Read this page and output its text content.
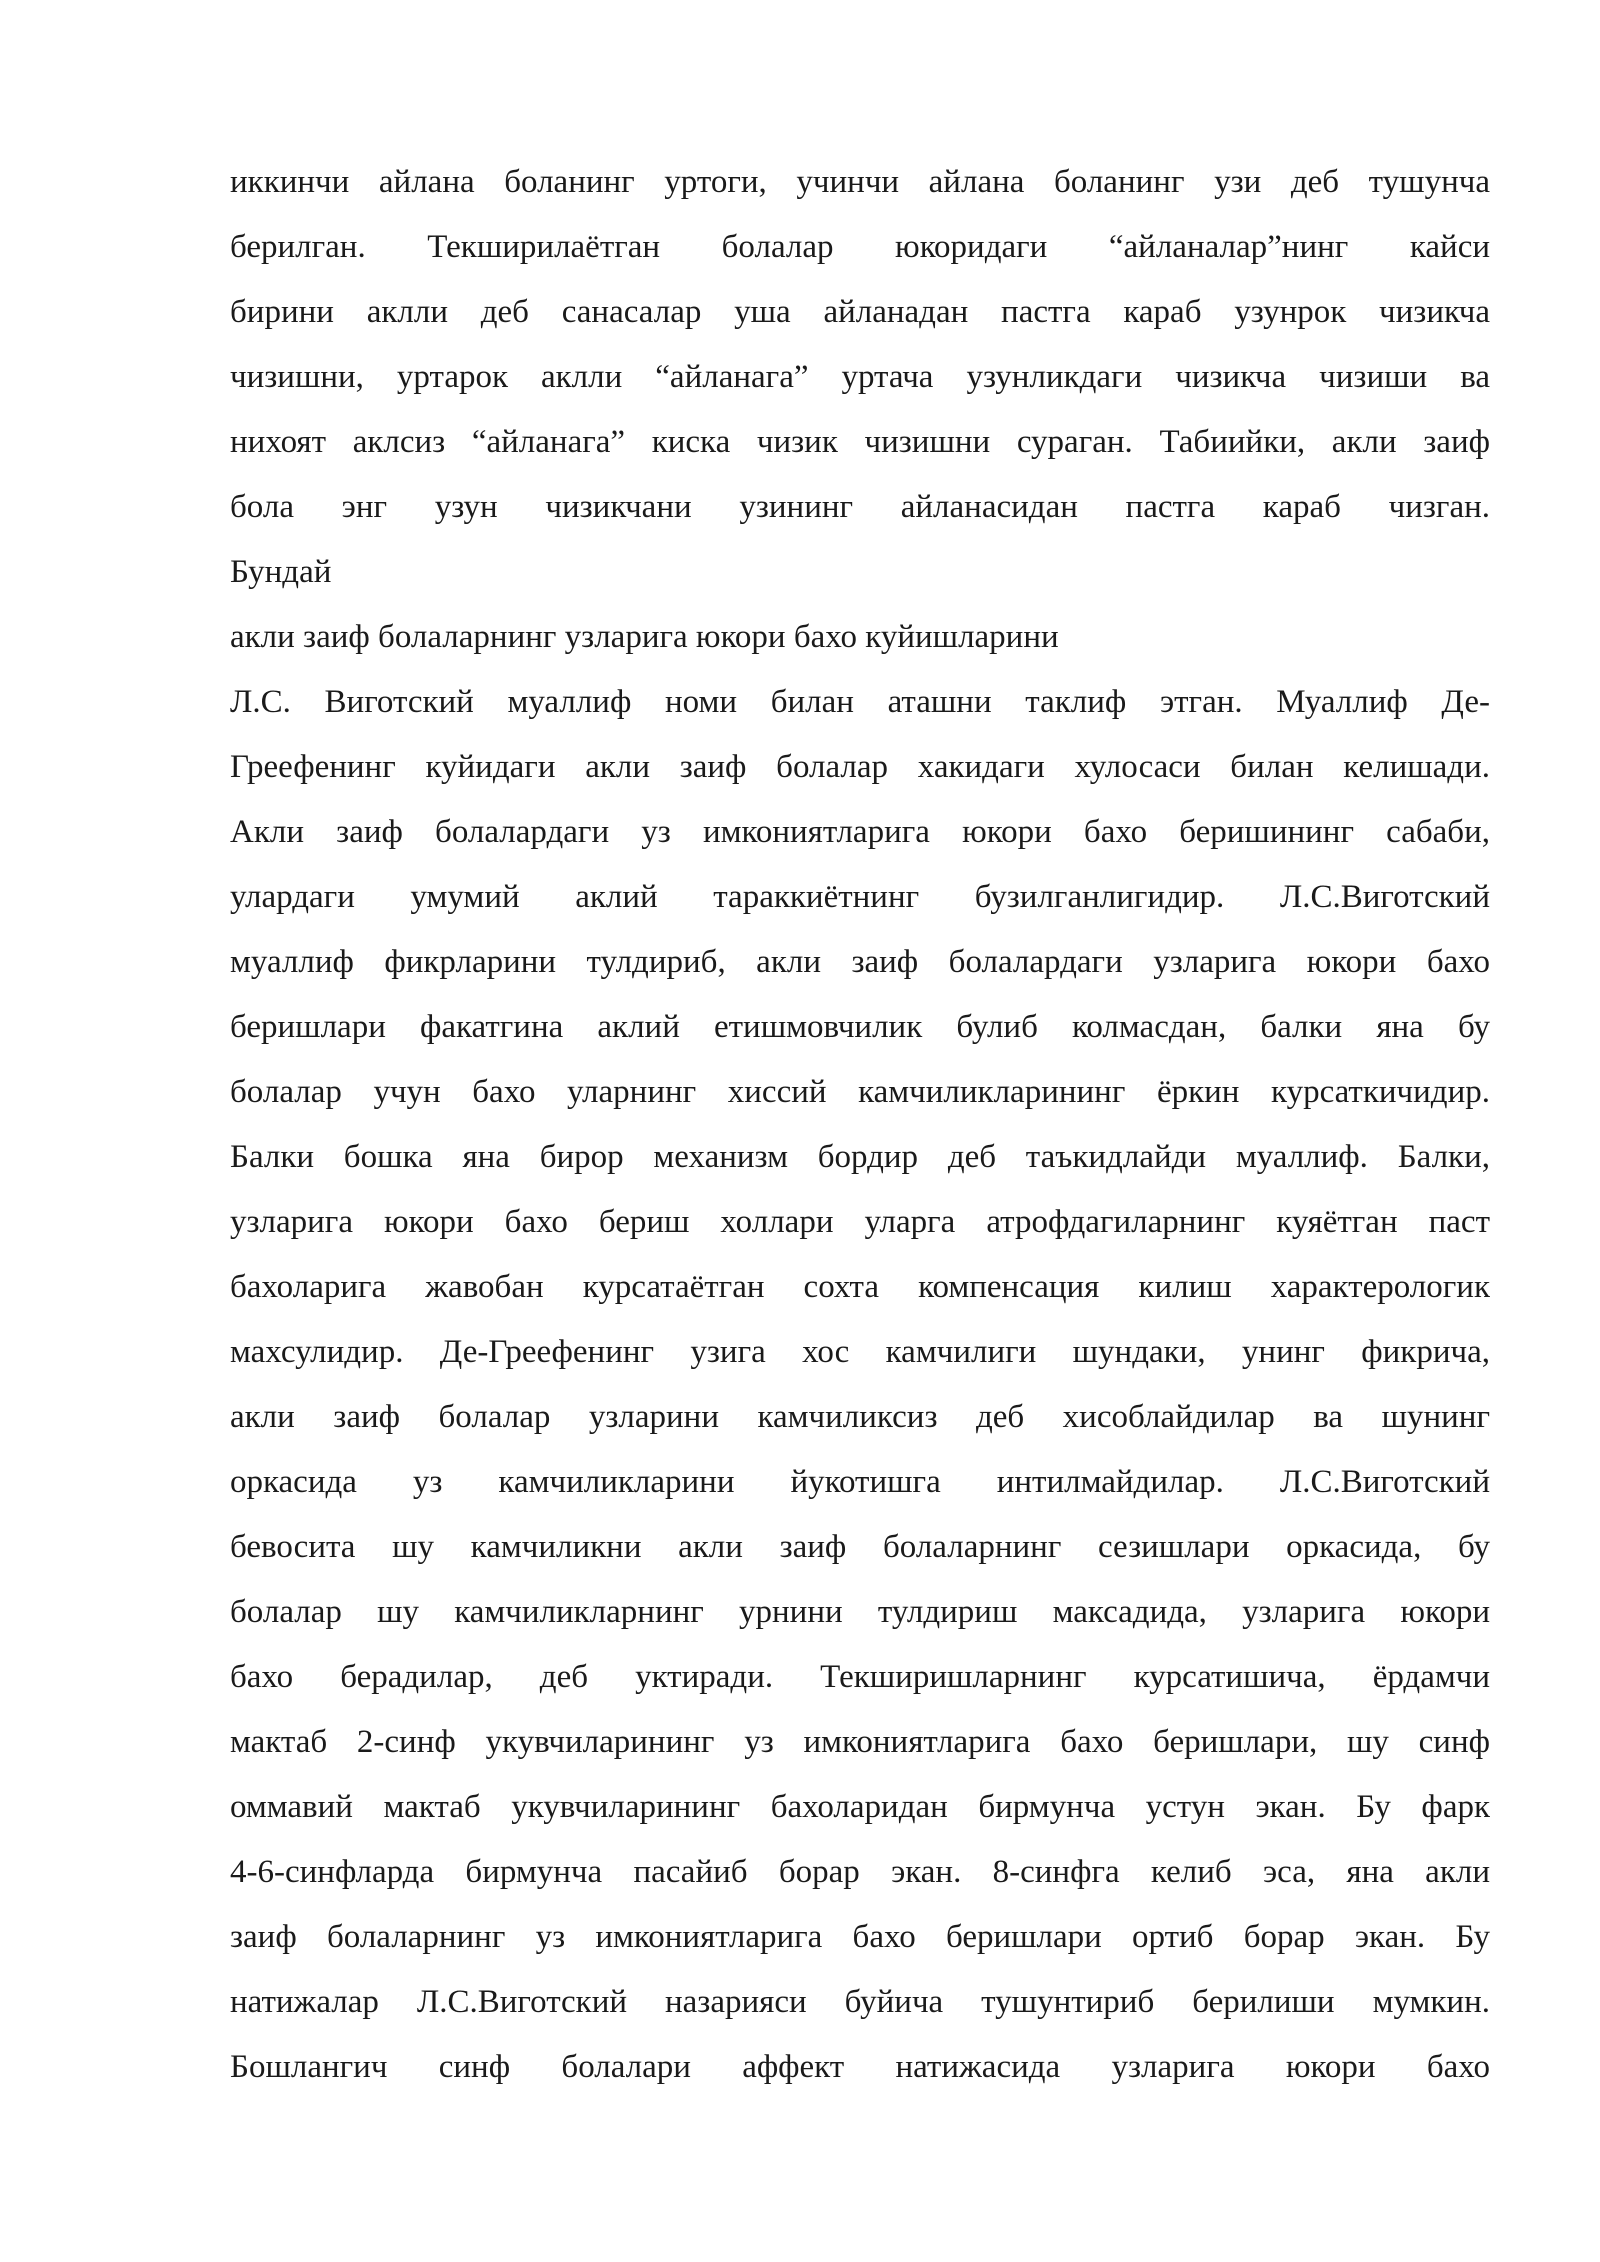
иккинчи айлана боланинг уртоги, учинчи айлана боланинг узи деб тушунча
берилган. Текширилаётган болалар юкоридаги “айланалар”нинг кайси
бирини аклли деб санасалар уша айланадан пастга караб узунрок чизикча
чизишни, уртарок аклли “айланага” уртача узунликдаги чизикча чизиши ва
нихоят аклсиз “айланага” киска чизик чизишни сураган. Табиийки, акли заиф
бола энг узун чизикчани узининг айланасидан пастга караб чизган.
Бундай
акли заиф болаларнинг узларига юкори бахо куйишларини
Л.С. Виготский муаллиф номи билан аташни таклиф этган. Муаллиф Де-
Греефенинг куйидаги акли заиф болалар хакидаги хулосаси билан келишади.
Акли заиф болалардаги уз имкониятларига юкори бахо беришининг сабаби,
улардаги умумий аклий тараккиётнинг бузилганлигидир. Л.С.Виготский
муаллиф фикрларини тулдириб, акли заиф болалардаги узларига юкори бахо
беришлари факатгина аклий етишмовчилик булиб колмасдан, балки яна бу
болалар учун бахо уларнинг хиссий камчиликларининг ёркин курсаткичидир.
Балки бошка яна бирор механизм бордир деб таъкидлайди муаллиф. Балки,
узларига юкори бахо бериш холлари уларга атрофдагиларнинг куяётган паст
бахоларига жавобан курсатаётган сохта компенсация килиш характерологик
махсулидир. Де-Греефенинг узига хос камчилиги шундаки, унинг фикрича,
акли заиф болалар узларини камчиликсиз деб хисоблайдилар ва шунинг
оркасида уз камчиликларини йукотишга интилмайдилар. Л.С.Виготский
бевосита шу камчиликни акли заиф болаларнинг сезишлари оркасида, бу
болалар шу камчиликларнинг урнини тулдириш максадида, узларига юкори
бахо берадилар, деб уктиради. Текширишларнинг курсатишича, ёрдамчи
мактаб 2-синф укувчиларининг уз имкониятларига бахо беришлари, шу синф
оммавий мактаб укувчиларининг бахоларидан бирмунча устун экан. Бу фарк
4-6-синфларда бирмунча пасайиб борар экан. 8-синфга келиб эса, яна акли
заиф болаларнинг уз имкониятларига бахо беришлари ортиб борар экан. Бу
натижалар Л.С.Виготский назарияси буйича тушунтириб берилиши мумкин.
Бошлангич синф болалари аффект натижасида узларига юкори бахо
